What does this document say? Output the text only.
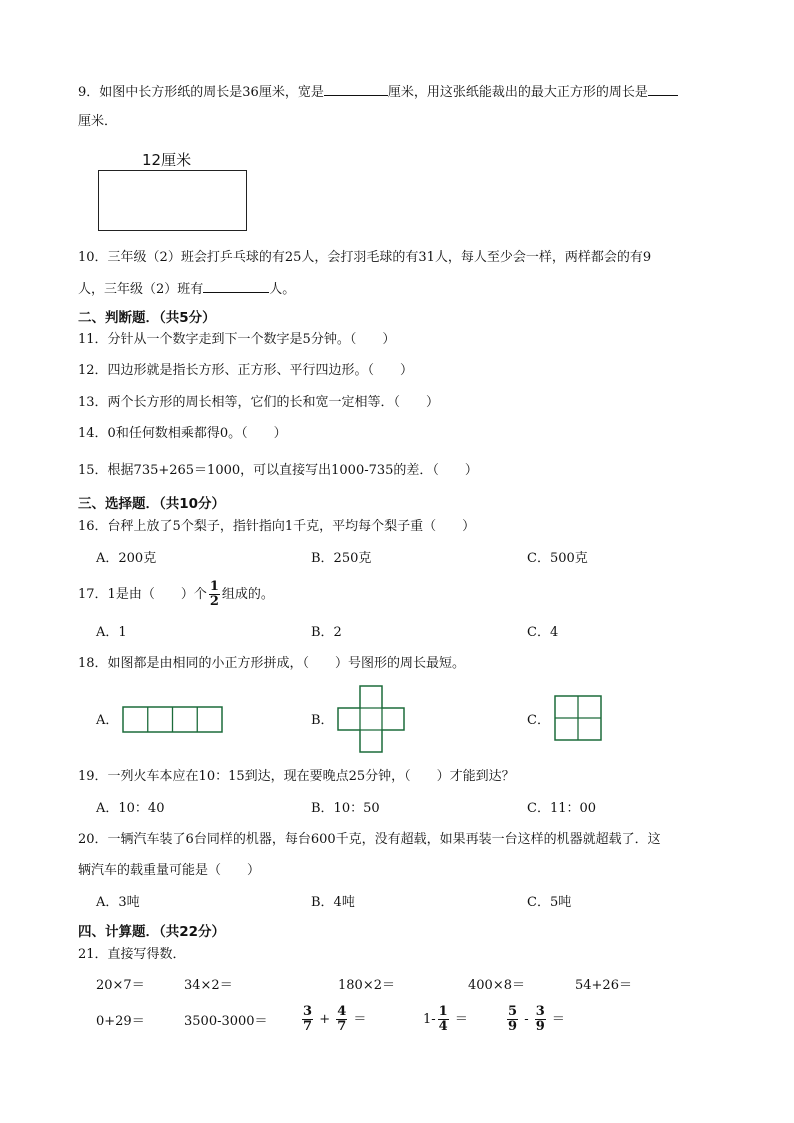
9．如图中长方形纸的周长是36厘米，宽是	厘米，用这张纸能裁出的最大正方形的周长是
厘米．
12厘米
10．三年级（2）班会打乒乓球的有25人，会打羽毛球的有31人，每人至少会一样，两样都会的有9
人，三年级（2）班有	人。
二、判断题．（共5分）
11．分针从一个数字走到下一个数字是5分钟。（　　）
12．四边形就是指长方形、正方形、平行四边形。（　　）
13．两个长方形的周长相等，它们的长和宽一定相等．（　　）
14．0和任何数相乘都得0。（　　）
15．根据735+265＝1000，可以直接写出1000-735的差．（　　）
三、选择题．（共10分）
16．台秤上放了5个梨子，指针指向1千克，平均每个梨子重（　　）
A．200克	B．250克	C．500克
17．1是由（　　）个 $\frac{1}{2}$ 组成的。
A．1	B．2	C．4
18．如图都是由相同的小正方形拼成，（　　）号图形的周长最短。
A．	B．	C．
19．一列火车本应在10：15到达，现在要晚点25分钟，（　　）才能到达？
A．10：40	B．10：50	C．11：00
20．一辆汽车装了6台同样的机器，每台600千克，没有超载，如果再装一台这样的机器就超载了．这
辆汽车的载重量可能是（　　）
A．3吨	B．4吨	C．5吨
四、计算题．（共22分）
21．直接写得数．
20×7＝	34×2＝	180×2＝	400×8＝	54+26＝
0+29＝	3500-3000＝	$\frac{3}{7} + \frac{4}{7}$ ＝	$1- \frac{1}{4}$ ＝	$\frac{5}{9} - \frac{3}{9}$ ＝
